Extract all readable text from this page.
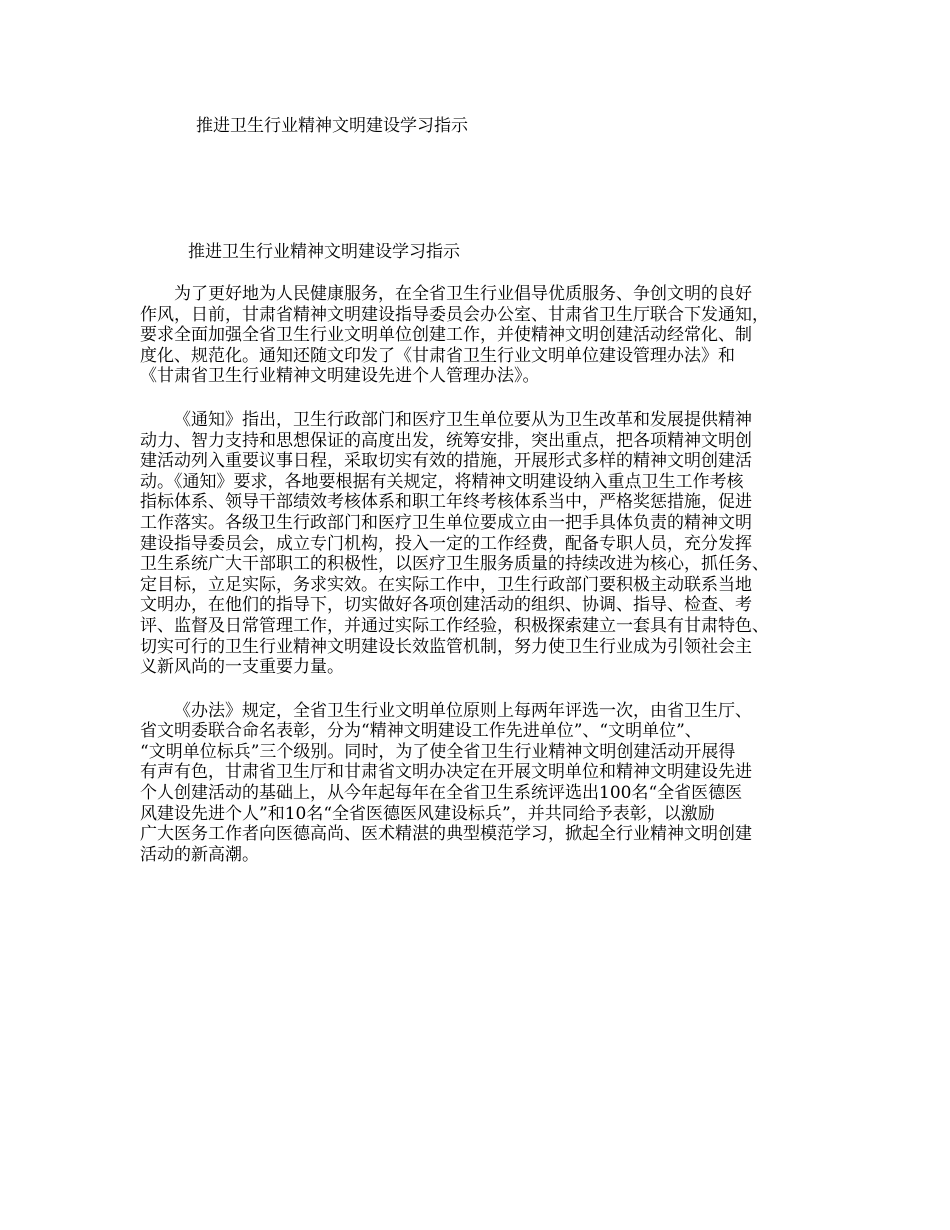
推进卫生行业精神文明建设学习指示
推进卫生行业精神文明建设学习指示
为了更好地为人民健康服务，在全省卫生行业倡导优质服务、争创文明的良好
作风，日前，甘肃省精神文明建设指导委员会办公室、甘肃省卫生厅联合下发通知，
要求全面加强全省卫生行业文明单位创建工作，并使精神文明创建活动经常化、制
度化、规范化。通知还随文印发了《甘肃省卫生行业文明单位建设管理办法》和
《甘肃省卫生行业精神文明建设先进个人管理办法》。
《通知》指出，卫生行政部门和医疗卫生单位要从为卫生改革和发展提供精神
动力、智力支持和思想保证的高度出发，统筹安排，突出重点，把各项精神文明创
建活动列入重要议事日程，采取切实有效的措施，开展形式多样的精神文明创建活
动。《通知》要求，各地要根据有关规定，将精神文明建设纳入重点卫生工作考核
指标体系、领导干部绩效考核体系和职工年终考核体系当中，严格奖惩措施，促进
工作落实。各级卫生行政部门和医疗卫生单位要成立由一把手具体负责的精神文明
建设指导委员会，成立专门机构，投入一定的工作经费，配备专职人员，充分发挥
卫生系统广大干部职工的积极性，以医疗卫生服务质量的持续改进为核心，抓任务、
定目标，立足实际，务求实效。在实际工作中，卫生行政部门要积极主动联系当地
文明办，在他们的指导下，切实做好各项创建活动的组织、协调、指导、检查、考
评、监督及日常管理工作，并通过实际工作经验，积极探索建立一套具有甘肃特色、
切实可行的卫生行业精神文明建设长效监管机制，努力使卫生行业成为引领社会主
义新风尚的一支重要力量。
《办法》规定，全省卫生行业文明单位原则上每两年评选一次，由省卫生厅、
省文明委联合命名表彰，分为“精神文明建设工作先进单位”、“文明单位”、
“文明单位标兵”三个级别。同时，为了使全省卫生行业精神文明创建活动开展得
有声有色，甘肃省卫生厅和甘肃省文明办决定在开展文明单位和精神文明建设先进
个人创建活动的基础上，从今年起每年在全省卫生系统评选出100名“全省医德医
风建设先进个人”和10名“全省医德医风建设标兵”，并共同给予表彰，以激励
广大医务工作者向医德高尚、医术精湛的典型模范学习，掀起全行业精神文明创建
活动的新高潮。
